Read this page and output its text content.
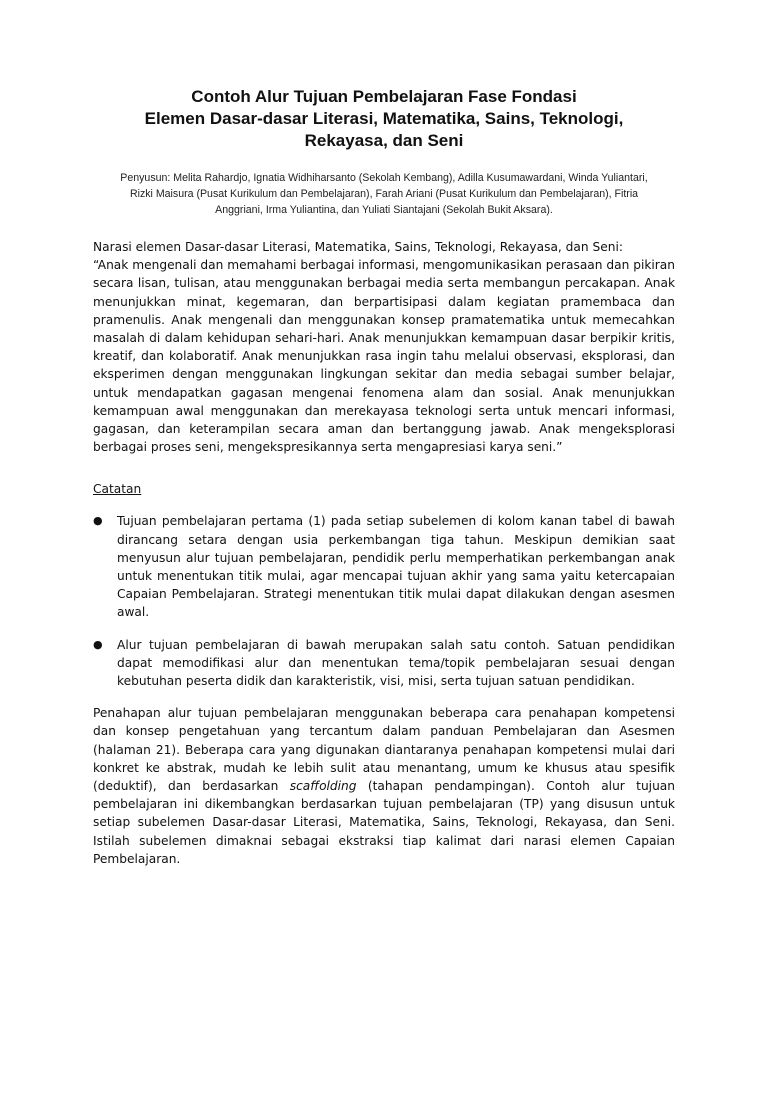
Contoh Alur Tujuan Pembelajaran Fase Fondasi
Elemen Dasar-dasar Literasi, Matematika, Sains, Teknologi,
Rekayasa, dan Seni
Penyusun: Melita Rahardjo, Ignatia Widhiharsanto (Sekolah Kembang), Adilla Kusumawardani, Winda Yuliantari,
Rizki Maisura (Pusat Kurikulum dan Pembelajaran), Farah Ariani (Pusat Kurikulum dan Pembelajaran), Fitria
Anggriani, Irma Yuliantina, dan Yuliati Siantajani (Sekolah Bukit Aksara).

Narasi elemen Dasar-dasar Literasi, Matematika, Sains, Teknologi, Rekayasa, dan Seni:

“Anak mengenali dan memahami berbagai informasi, mengomunikasikan perasaan dan pikiran secara lisan, tulisan, atau menggunakan berbagai media serta membangun percakapan. Anak menunjukkan minat, kegemaran, dan berpartisipasi dalam kegiatan pramembaca dan pramenulis. Anak mengenali dan menggunakan konsep pramatematika untuk memecahkan masalah di dalam kehidupan sehari-hari. Anak menunjukkan kemampuan dasar berpikir kritis, kreatif, dan kolaboratif. Anak menunjukkan rasa ingin tahu melalui observasi, eksplorasi, dan eksperimen dengan menggunakan lingkungan sekitar dan media sebagai sumber belajar, untuk mendapatkan gagasan mengenai fenomena alam dan sosial. Anak menunjukkan kemampuan awal menggunakan dan merekayasa teknologi serta untuk mencari informasi, gagasan, dan keterampilan secara aman dan bertanggung jawab. Anak mengeksplorasi berbagai proses seni, mengekspresikannya serta mengapresiasi karya seni.”

Catatan
● Tujuan pembelajaran pertama (1) pada setiap subelemen di kolom kanan tabel di bawah dirancang setara dengan usia perkembangan tiga tahun. Meskipun demikian saat menyusun alur tujuan pembelajaran, pendidik perlu memperhatikan perkembangan anak untuk menentukan titik mulai, agar mencapai tujuan akhir yang sama yaitu ketercapaian Capaian Pembelajaran. Strategi menentukan titik mulai dapat dilakukan dengan asesmen awal.
● Alur tujuan pembelajaran di bawah merupakan salah satu contoh. Satuan pendidikan dapat memodifikasi alur dan menentukan tema/topik pembelajaran sesuai dengan kebutuhan peserta didik dan karakteristik, visi, misi, serta tujuan satuan pendidikan.
Penahapan alur tujuan pembelajaran menggunakan beberapa cara penahapan kompetensi dan konsep pengetahuan yang tercantum dalam panduan Pembelajaran dan Asesmen (halaman 21). Beberapa cara yang digunakan diantaranya penahapan kompetensi mulai dari konkret ke abstrak, mudah ke lebih sulit atau menantang, umum ke khusus atau spesifik (deduktif), dan berdasarkan scaffolding (tahapan pendampingan). Contoh alur tujuan pembelajaran ini dikembangkan berdasarkan tujuan pembelajaran (TP) yang disusun untuk setiap subelemen Dasar-dasar Literasi, Matematika, Sains, Teknologi, Rekayasa, dan Seni. Istilah subelemen dimaknai sebagai ekstraksi tiap kalimat dari narasi elemen Capaian Pembelajaran.
